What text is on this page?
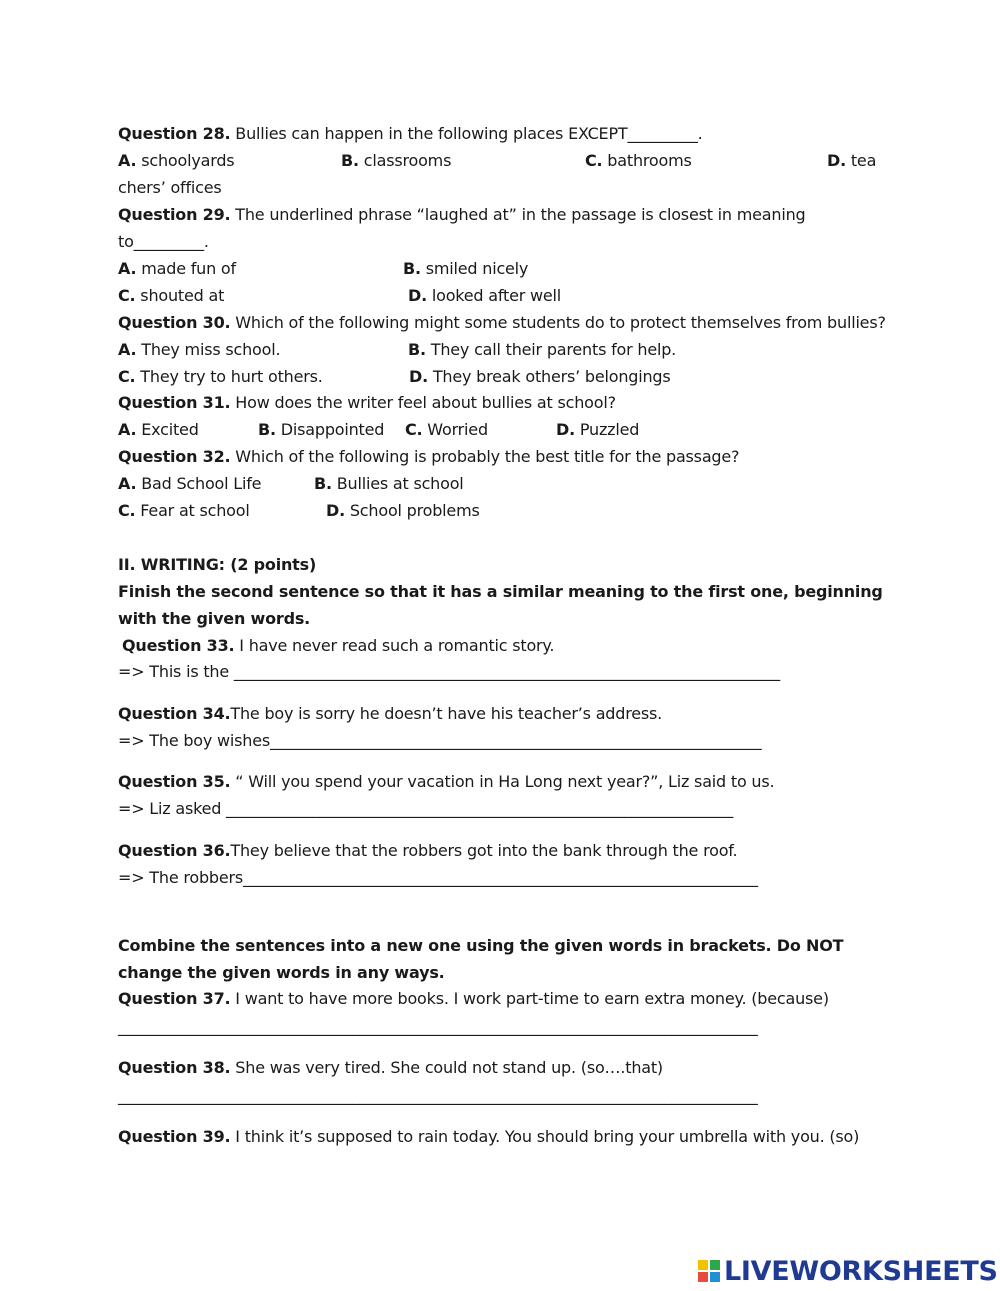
Question 28. Bullies can happen in the following places EXCEPT_________.
A. schoolyards	B. classrooms	C. bathrooms	D. tea
chers’ offices
Question 29. The underlined phrase “laughed at” in the passage is closest in meaning
to_________.
A. made fun of	B. smiled nicely
C. shouted at	D. looked after well
Question 30. Which of the following might some students do to protect themselves from bullies?
A. They miss school.	B. They call their parents for help.
C. They try to hurt others.	D. They break others’ belongings
Question 31. How does the writer feel about bullies at school?
A. Excited	B. Disappointed C. Worried	D. Puzzled
Question 32. Which of the following is probably the best title for the passage?
A. Bad School Life	B. Bullies at school
C. Fear at school	D. School problems
II. WRITING: (2 points)
Finish the second sentence so that it has a similar meaning to the first one, beginning
with the given words.
Question 33. I have never read such a romantic story.
=> This is the ______________________________________________________________________
Question 34.The boy is sorry he doesn’t have his teacher’s address.
=> The boy wishes_______________________________________________________________
Question 35. “ Will you spend your vacation in Ha Long next year?”, Liz said to us.
=> Liz asked _________________________________________________________________
Question 36.They believe that the robbers got into the bank through the roof.
=> The robbers__________________________________________________________________
Combine the sentences into a new one using the given words in brackets. Do NOT
change the given words in any ways.
Question 37. I want to have more books. I work part-time to earn extra money. (because)
__________________________________________________________________________________
Question 38. She was very tired. She could not stand up. (so….that)
__________________________________________________________________________________
Question 39. I think it’s supposed to rain today. You should bring your umbrella with you. (so)
LIVEWORKSHEETS
